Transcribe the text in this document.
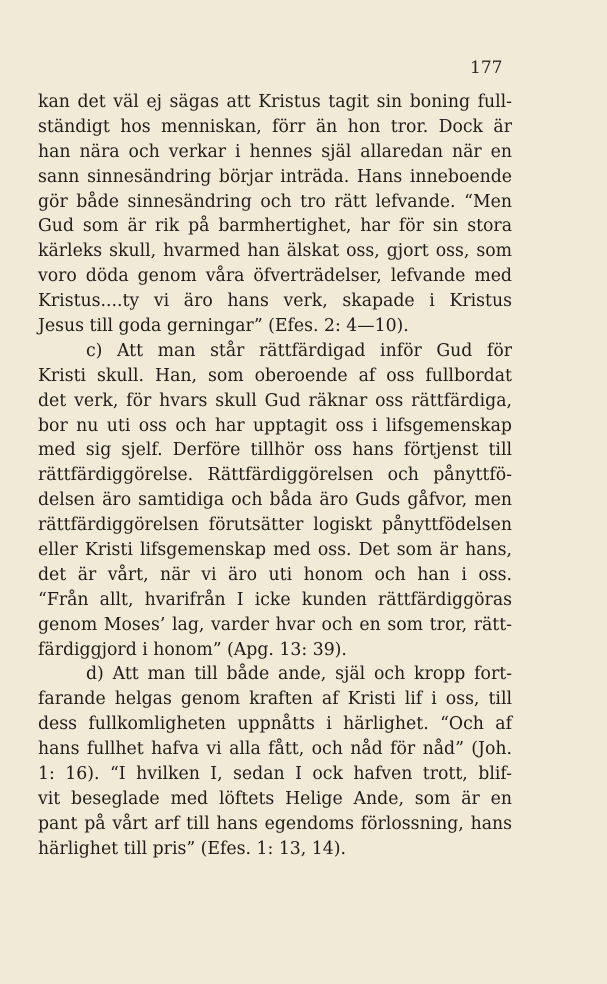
177
kan det väl ej sägas att Kristus tagit sin boning full-
ständigt hos menniskan, förr än hon tror. Dock är
han nära och verkar i hennes själ allaredan när en
sann sinnesändring börjar inträda. Hans inneboende
gör både sinnesändring och tro rätt lefvande. “Men
Gud som är rik på barmhertighet, har för sin stora
kärleks skull, hvarmed han älskat oss, gjort oss, som
voro döda genom våra öfverträdelser, lefvande med
Kristus....ty vi äro hans verk, skapade i Kristus
Jesus till goda gerningar” (Efes. 2: 4—10).
c) Att man står rättfärdigad inför Gud för
Kristi skull. Han, som oberoende af oss fullbordat
det verk, för hvars skull Gud räknar oss rättfärdiga,
bor nu uti oss och har upptagit oss i lifsgemenskap
med sig sjelf. Derföre tillhör oss hans förtjenst till
rättfärdiggörelse. Rättfärdiggörelsen och pånyttfö-
delsen äro samtidiga och båda äro Guds gåfvor, men
rättfärdiggörelsen förutsätter logiskt pånyttfödelsen
eller Kristi lifsgemenskap med oss. Det som är hans,
det är vårt, när vi äro uti honom och han i oss.
“Från allt, hvarifrån I icke kunden rättfärdiggöras
genom Moses’ lag, varder hvar och en som tror, rätt-
färdiggjord i honom” (Apg. 13: 39).
d) Att man till både ande, själ och kropp fort-
farande helgas genom kraften af Kristi lif i oss, till
dess fullkomligheten uppnåtts i härlighet. “Och af
hans fullhet hafva vi alla fått, och nåd för nåd” (Joh.
1: 16). “I hvilken I, sedan I ock hafven trott, blif-
vit beseglade med löftets Helige Ande, som är en
pant på vårt arf till hans egendoms förlossning, hans
härlighet till pris” (Efes. 1: 13, 14).
